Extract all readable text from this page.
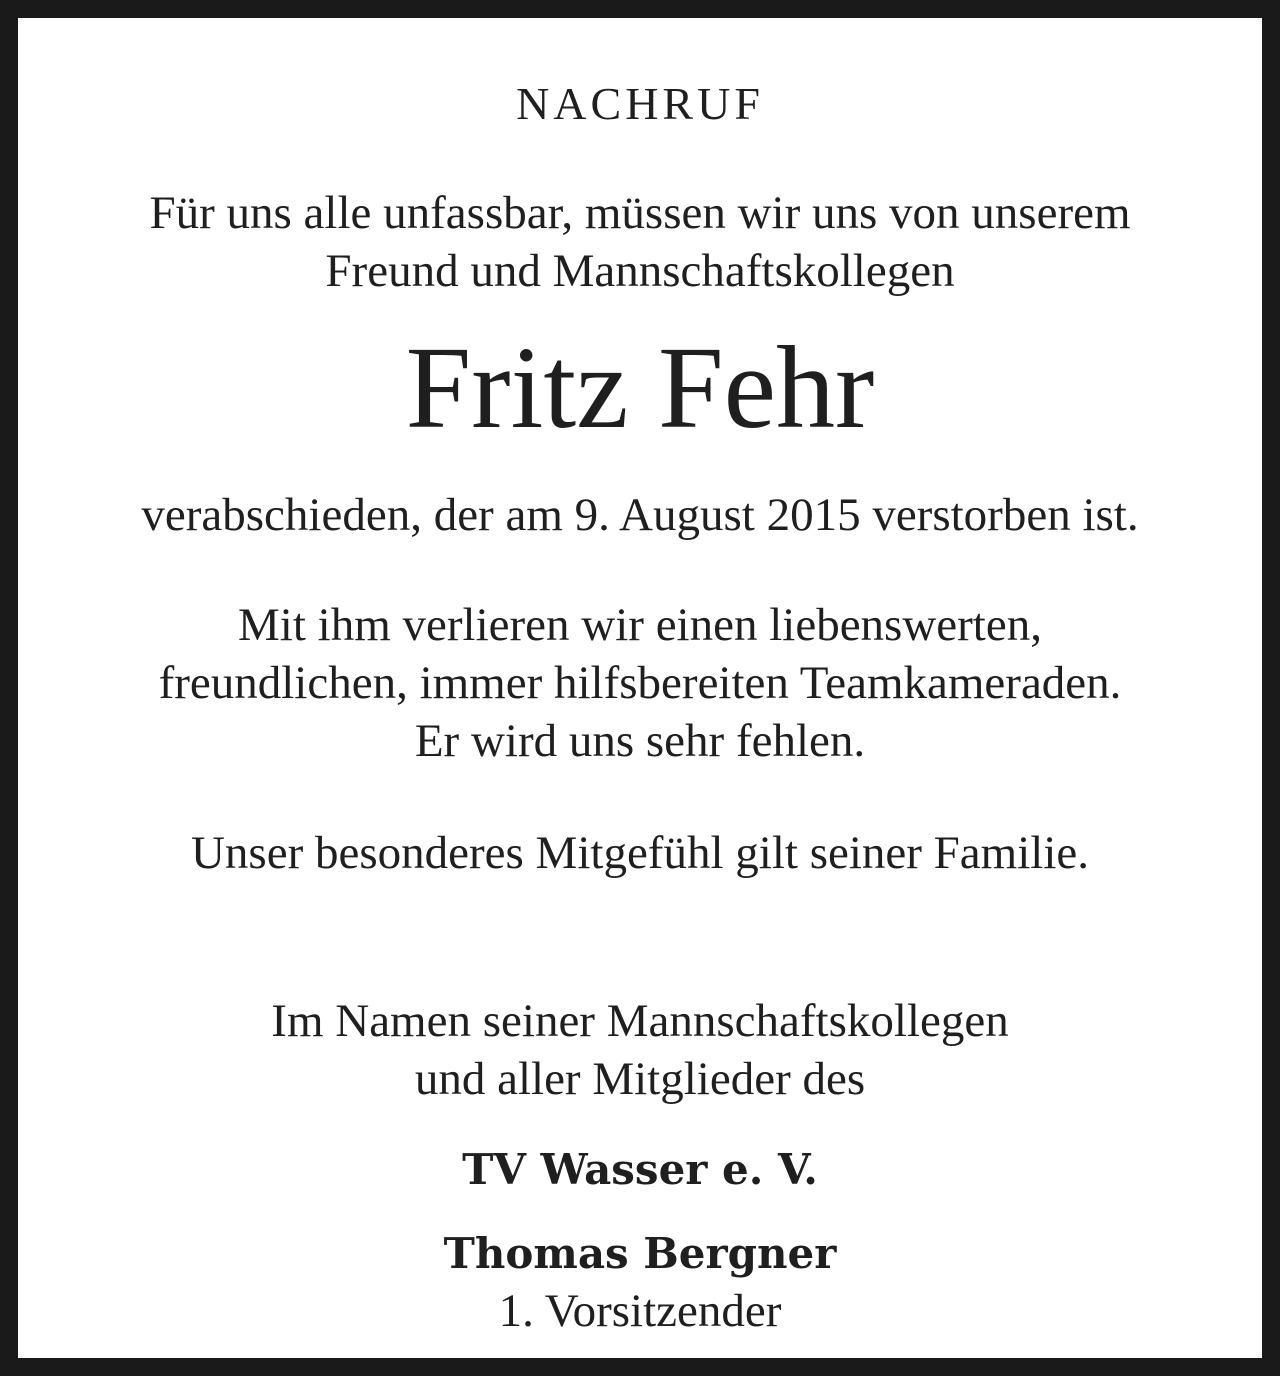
NACHRUF
Für uns alle unfassbar, müssen wir uns von unserem
Freund und Mannschaftskollegen
Fritz Fehr
verabschieden, der am 9. August 2015 verstorben ist.
Mit ihm verlieren wir einen liebenswerten,
freundlichen, immer hilfsbereiten Teamkameraden.
Er wird uns sehr fehlen.
Unser besonderes Mitgefühl gilt seiner Familie.
Im Namen seiner Mannschaftskollegen
und aller Mitglieder des
TV Wasser e. V.
Thomas Bergner
1. Vorsitzender
